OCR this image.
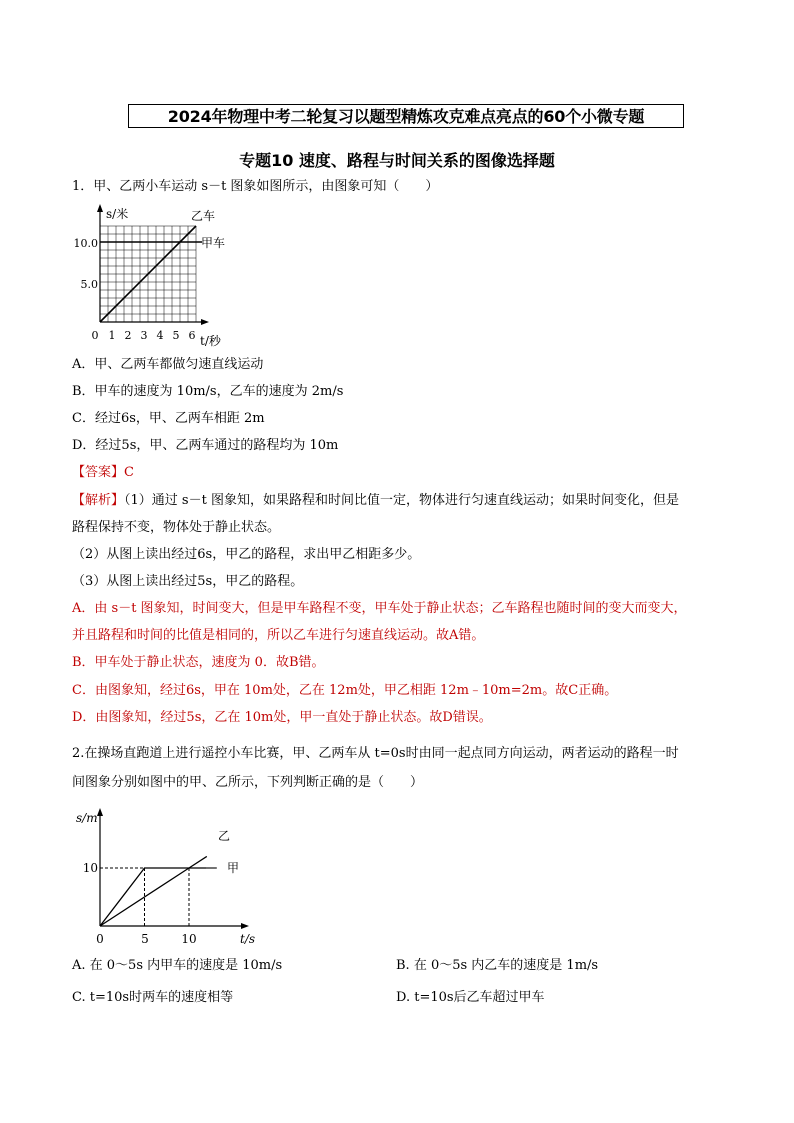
2024年物理中考二轮复习以题型精炼攻克难点亮点的60个小微专题
专题10 速度、路程与时间关系的图像选择题
1．甲、乙两小车运动 s－t 图象如图所示，由图象可知（　　）
s/米
t/秒
10.0
5.0
0 1 2 3 4 5 6
甲车
乙车
A．甲、乙两车都做匀速直线运动
B．甲车的速度为 10m/s，乙车的速度为 2m/s
C．经过6s，甲、乙两车相距 2m
D．经过5s，甲、乙两车通过的路程均为 10m
【答案】C
【解析】（1）通过 s－t 图象知，如果路程和时间比值一定，物体进行匀速直线运动；如果时间变化，但是
路程保持不变，物体处于静止状态。
（2）从图上读出经过6s，甲乙的路程，求出甲乙相距多少。
（3）从图上读出经过5s，甲乙的路程。
A．由 s－t 图象知，时间变大，但是甲车路程不变，甲车处于静止状态；乙车路程也随时间的变大而变大，
并且路程和时间的比值是相同的，所以乙车进行匀速直线运动。故A错。
B．甲车处于静止状态，速度为 0．故B错。
C．由图象知，经过6s，甲在 10m处，乙在 12m处，甲乙相距 12m﹣10m=2m。故C正确。
D．由图象知，经过5s，乙在 10m处，甲一直处于静止状态。故D错误。
2.在操场直跑道上进行遥控小车比赛，甲、乙两车从 t=0s时由同一起点同方向运动，两者运动的路程一时
间图象分别如图中的甲、乙所示，下列判断正确的是（　　）
s/m
t/s
10
0	5	10
甲
乙
A. 在 0～5s 内甲车的速度是 10m/s	B. 在 0～5s 内乙车的速度是 1m/s
C. t=10s时两车的速度相等	D. t=10s后乙车超过甲车
